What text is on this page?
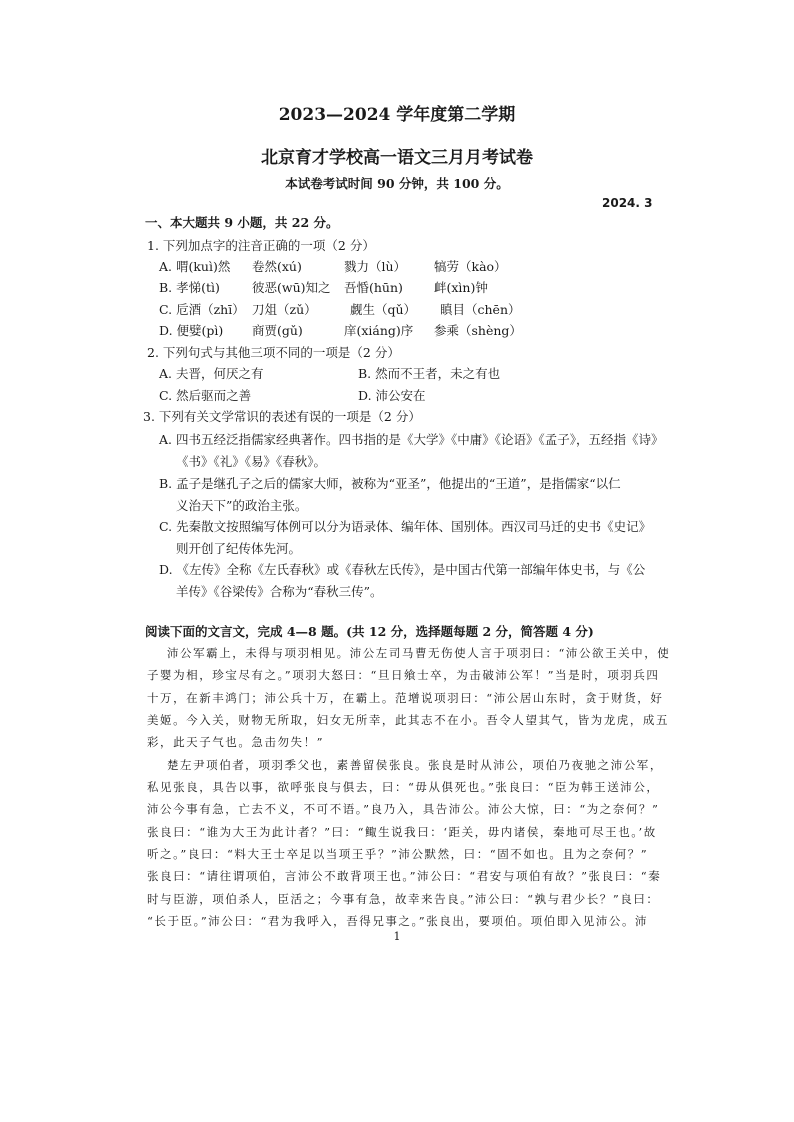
2023—2024 学年度第二学期
北京育才学校高一语文三月月考试卷
本试卷考试时间 90 分钟，共 100 分。
2024. 3
一、本大题共 9 小题，共 22 分。
1. 下列加点字的注音正确的一项（2 分）
A. 喟(kuì)然 卷然(xú)	戮力（lù） 犒劳（kào）
B. 孝悌(tì)	彼恶(wū)知之 吾惛(hūn) 衅(xìn)钟
C. 卮酒（zhī） 刀俎（zǔ）	觑生（qǔ） 瞋目（chēn）
D. 便嬖(pì) 商贾(gǔ)	庠(xiáng)序 参乘（shèng）
2. 下列句式与其他三项不同的一项是（2 分）
A. 夫晋，何厌之有	B. 然而不王者，未之有也
C. 然后驱而之善	D. 沛公安在
3. 下列有关文学常识的表述有误的一项是（2 分）
A. 四书五经泛指儒家经典著作。四书指的是《大学》《中庸》《论语》《孟子》，五经指《诗》
《书》《礼》《易》《春秋》。
B. 孟子是继孔子之后的儒家大师，被称为“亚圣”，他提出的“王道”，是指儒家“以仁
义治天下”的政治主张。
C. 先秦散文按照编写体例可以分为语录体、编年体、国别体。西汉司马迁的史书《史记》
则开创了纪传体先河。
D. 《左传》全称《左氏春秋》或《春秋左氏传》，是中国古代第一部编年体史书，与《公
羊传》《谷梁传》合称为“春秋三传”。
阅读下面的文言文，完成 4—8 题。(共 12 分，选择题每题 2 分，简答题 4 分)
沛公军霸上，未得与项羽相见。沛公左司马曹无伤使人言于项羽曰：“沛公欲王关中，使
子婴为相，珍宝尽有之。”项羽大怒曰：“旦日飨士卒，为击破沛公军！”当是时，项羽兵四
十万，在新丰鸿门；沛公兵十万，在霸上。范增说项羽曰：“沛公居山东时，贪于财货，好
美姬。今入关，财物无所取，妇女无所幸，此其志不在小。吾令人望其气，皆为龙虎，成五
彩，此天子气也。急击勿失！”
楚左尹项伯者，项羽季父也，素善留侯张良。张良是时从沛公，项伯乃夜驰之沛公军，
私见张良，具告以事，欲呼张良与俱去，曰：“毋从俱死也。”张良曰：“臣为韩王送沛公，
沛公今事有急，亡去不义，不可不语。”良乃入，具告沛公。沛公大惊，曰：“为之奈何？”
张良曰：“谁为大王为此计者？”曰：“鲰生说我曰：‘距关，毋内诸侯，秦地可尽王也。’故
听之。”良曰：“料大王士卒足以当项王乎？”沛公默然，曰：“固不如也。且为之奈何？”
张良曰：“请往谓项伯，言沛公不敢背项王也。”沛公曰：“君安与项伯有故？”张良曰：“秦
时与臣游，项伯杀人，臣活之；今事有急，故幸来告良。”沛公曰：“孰与君少长？”良曰：
“长于臣。”沛公曰：“君为我呼入，吾得兄事之。”张良出，要项伯。项伯即入见沛公。沛
1
